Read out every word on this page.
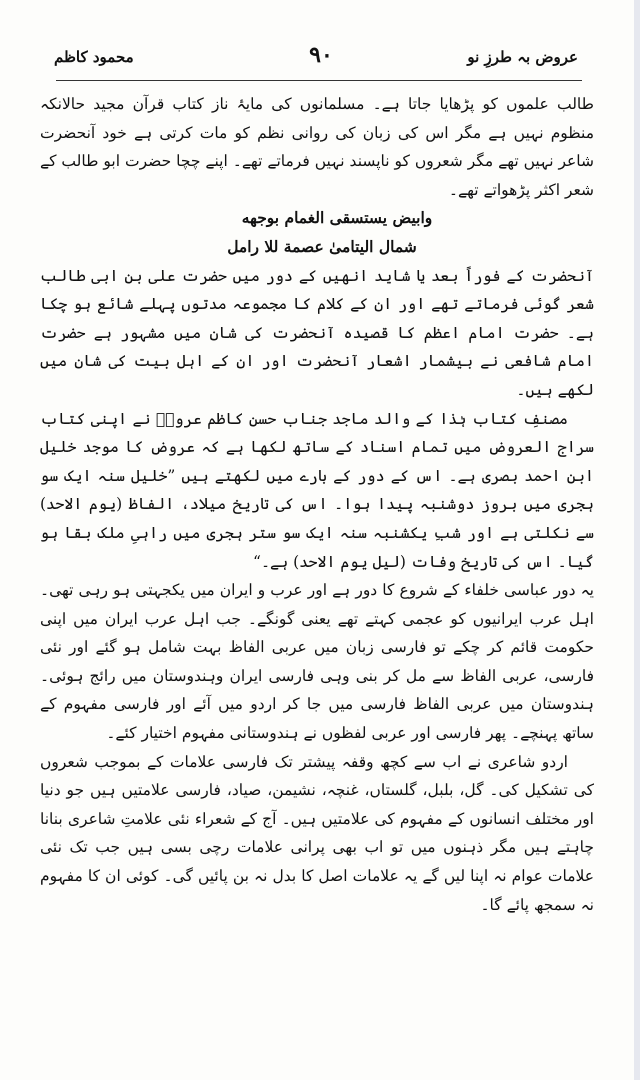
عروض بہ طرزِ نو
٩٠
محمود کاظم

طالب علموں کو پڑھایا جاتا ہے۔ مسلمانوں کی مایۂ ناز کتاب قرآن مجید حالانکہ منظوم نہیں ہے مگر اس کی زبان کی روانی نظم کو مات کرتی ہے خود آنحضرت شاعر نہیں تھے مگر شعروں کو ناپسند نہیں فرماتے تھے۔ اپنے چچا حضرت ابو طالب کے شعر اکثر پڑھواتے تھے۔

وابیض یستسقی الغمام بوجهه

شمال الیتامیٰ عصمة للا رامل

آنحضرت کے فوراً بعد یا شاید انھیں کے دور میں حضرت علی بن ابی طالب شعر گوئی فرماتے تھے اور ان کے کلام کا مجموعہ مدتوں پہلے شائع ہو چکا ہے۔ حضرت امام اعظم کا قصیدہ آنحضرت کی شان میں مشہور ہے حضرت امام شافعی نے بیشمار اشعار آنحضرت اور ان کے اہل بیت کی شان میں لکھے ہیں۔

مصنفِ کتاب ہٰذا کے والد ماجد جناب حسن کاظم عروضؔ نے اپنی کتاب سراج العروض میں تمام اسناد کے ساتھ لکھا ہے کہ عروض کا موجد خلیل ابن احمد بصری ہے۔ اس کے دور کے بارے میں لکھتے ہیں ”خلیل سنہ ایک سو ہجری میں بروز دوشنبہ پیدا ہوا۔ اس کی تاریخ میلاد، الفاظ (یوم الاحد) سے نکلتی ہے اور شبِ یکشنبہ سنہ ایک سو ستر ہجری میں راہیِ ملک بقا ہو گیا۔ اس کی تاریخ وفات (لیل یوم الاحد) ہے۔“

یہ دور عباسی خلفاء کے شروع کا دور ہے اور عرب و ایران میں یکجہتی ہو رہی تھی۔ اہل عرب ایرانیوں کو عجمی کہتے تھے یعنی گونگے۔ جب اہل عرب ایران میں اپنی حکومت قائم کر چکے تو فارسی زبان میں عربی الفاظ بہت شامل ہو گئے اور نئی فارسی، عربی الفاظ سے مل کر بنی وہی فارسی ایران وہندوستان میں رائج ہوئی۔ ہندوستان میں عربی الفاظ فارسی میں جا کر اردو میں آئے اور فارسی مفہوم کے ساتھ پہنچے۔ پھر فارسی اور عربی لفظوں نے ہندوستانی مفہوم اختیار کئے۔

اردو شاعری نے اب سے کچھ وقفہ پیشتر تک فارسی علامات کے بموجب شعروں کی تشکیل کی۔ گل، بلبل، گلستاں، غنچہ، نشیمن، صیاد، فارسی علامتیں ہیں جو دنیا اور مختلف انسانوں کے مفہوم کی علامتیں ہیں۔ آج کے شعراء نئی علامتِ شاعری بنانا چاہتے ہیں مگر ذہنوں میں تو اب بھی پرانی علامات رچی بسی ہیں جب تک نئی علامات عوام نہ اپنا لیں گے یہ علامات اصل کا بدل نہ بن پائیں گی۔ کوئی ان کا مفہوم نہ سمجھ پائے گا۔
